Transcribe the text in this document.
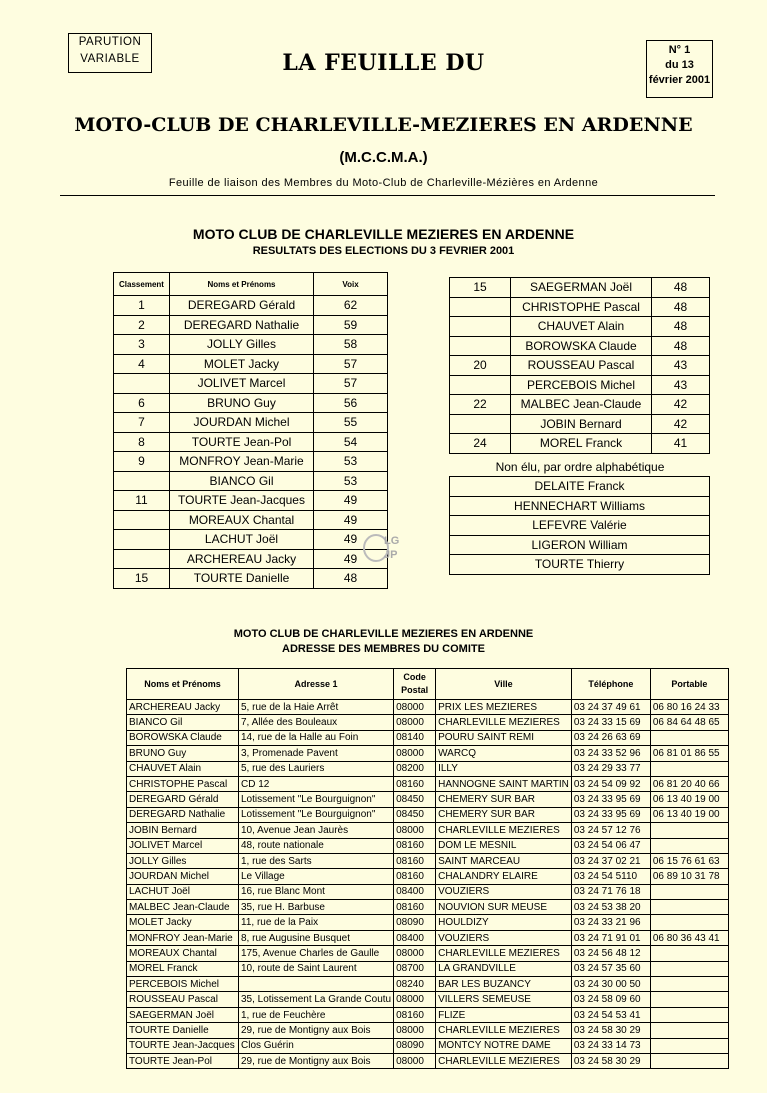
PARUTION
VARIABLE	LA FEUILLE DU	N° 1
du 13
février 2001
MOTO-CLUB DE CHARLEVILLE-MEZIERES EN ARDENNE
(M.C.C.M.A.)
Feuille de liaison des Membres du Moto-Club de Charleville-Mézières en Ardenne
MOTO CLUB DE CHARLEVILLE MEZIERES EN ARDENNE
RESULTATS DES ELECTIONS DU 3 FEVRIER 2001
Classement	Noms et Prénoms	Voix
1	DEREGARD Gérald	62
2	DEREGARD Nathalie	59
3	JOLLY Gilles	58
4	MOLET Jacky	57
	JOLIVET Marcel	57
6	BRUNO Guy	56
7	JOURDAN Michel	55
8	TOURTE Jean-Pol	54
9	MONFROY Jean-Marie	53
	BIANCO Gil	53
11	TOURTE Jean-Jacques	49
	MOREAUX Chantal	49
	LACHUT Joël	49
	ARCHEREAU Jacky	49
15	TOURTE Danielle	48
15	SAEGERMAN Joël	48
	CHRISTOPHE Pascal	48
	CHAUVET Alain	48
	BOROWSKA Claude	48
20	ROUSSEAU Pascal	43
	PERCEBOIS Michel	43
22	MALBEC Jean-Claude	42
	JOBIN Bernard	42
24	MOREL Franck	41
Non élu, par ordre alphabétique
DELAITE Franck
HENNECHART Williams
LEFEVRE Valérie
LIGERON William
TOURTE Thierry
LG
JP
MOTO CLUB DE CHARLEVILLE MEZIERES EN ARDENNE
ADRESSE DES MEMBRES DU COMITE
Noms et Prénoms	Adresse 1	Code Postal	Ville	Téléphone	Portable
ARCHEREAU Jacky	5, rue de la Haie Arrêt	08000	PRIX LES MEZIERES	03 24 37 49 61	06 80 16 24 33
BIANCO Gil	7, Allée des Bouleaux	08000	CHARLEVILLE MEZIERES	03 24 33 15 69	06 84 64 48 65
BOROWSKA Claude	14, rue de la Halle au Foin	08140	POURU SAINT REMI	03 24 26 63 69	
BRUNO Guy	3, Promenade Pavent	08000	WARCQ	03 24 33 52 96	06 81 01 86 55
CHAUVET Alain	5, rue des Lauriers	08200	ILLY	03 24 29 33 77	
CHRISTOPHE Pascal	CD 12	08160	HANNOGNE SAINT MARTIN	03 24 54 09 92	06 81 20 40 66
DEREGARD Gérald	Lotissement "Le Bourguignon"	08450	CHEMERY SUR BAR	03 24 33 95 69	06 13 40 19 00
DEREGARD Nathalie	Lotissement "Le Bourguignon"	08450	CHEMERY SUR BAR	03 24 33 95 69	06 13 40 19 00
JOBIN Bernard	10, Avenue Jean Jaurès	08000	CHARLEVILLE MEZIERES	03 24 57 12 76	
JOLIVET Marcel	48, route nationale	08160	DOM LE MESNIL	03 24 54 06 47	
JOLLY Gilles	1, rue des Sarts	08160	SAINT MARCEAU	03 24 37 02 21	06 15 76 61 63
JOURDAN Michel	Le Village	08160	CHALANDRY ELAIRE	03 24 54 5110	06 89 10 31 78
LACHUT Joël	16, rue Blanc Mont	08400	VOUZIERS	03 24 71 76 18	
MALBEC Jean-Claude	35, rue H. Barbuse	08160	NOUVION SUR MEUSE	03 24 53 38 20	
MOLET Jacky	11, rue de la Paix	08090	HOULDIZY	03 24 33 21 96	
MONFROY Jean-Marie	8, rue Augusine Busquet	08400	VOUZIERS	03 24 71 91 01	06 80 36 43 41
MOREAUX Chantal	175, Avenue Charles de Gaulle	08000	CHARLEVILLE MEZIERES	03 24 56 48 12	
MOREL Franck	10, route de Saint Laurent	08700	LA GRANDVILLE	03 24 57 35 60	
PERCEBOIS Michel		08240	BAR LES BUZANCY	03 24 30 00 50	
ROUSSEAU Pascal	35, Lotissement La Grande Coutu	08000	VILLERS SEMEUSE	03 24 58 09 60	
SAEGERMAN Joël	1, rue de Feuchère	08160	FLIZE	03 24 54 53 41	
TOURTE Danielle	29, rue de Montigny aux Bois	08000	CHARLEVILLE MEZIERES	03 24 58 30 29	
TOURTE Jean-Jacques	Clos Guérin	08090	MONTCY NOTRE DAME	03 24 33 14 73	
TOURTE Jean-Pol	29, rue de Montigny aux Bois	08000	CHARLEVILLE MEZIERES	03 24 58 30 29	
